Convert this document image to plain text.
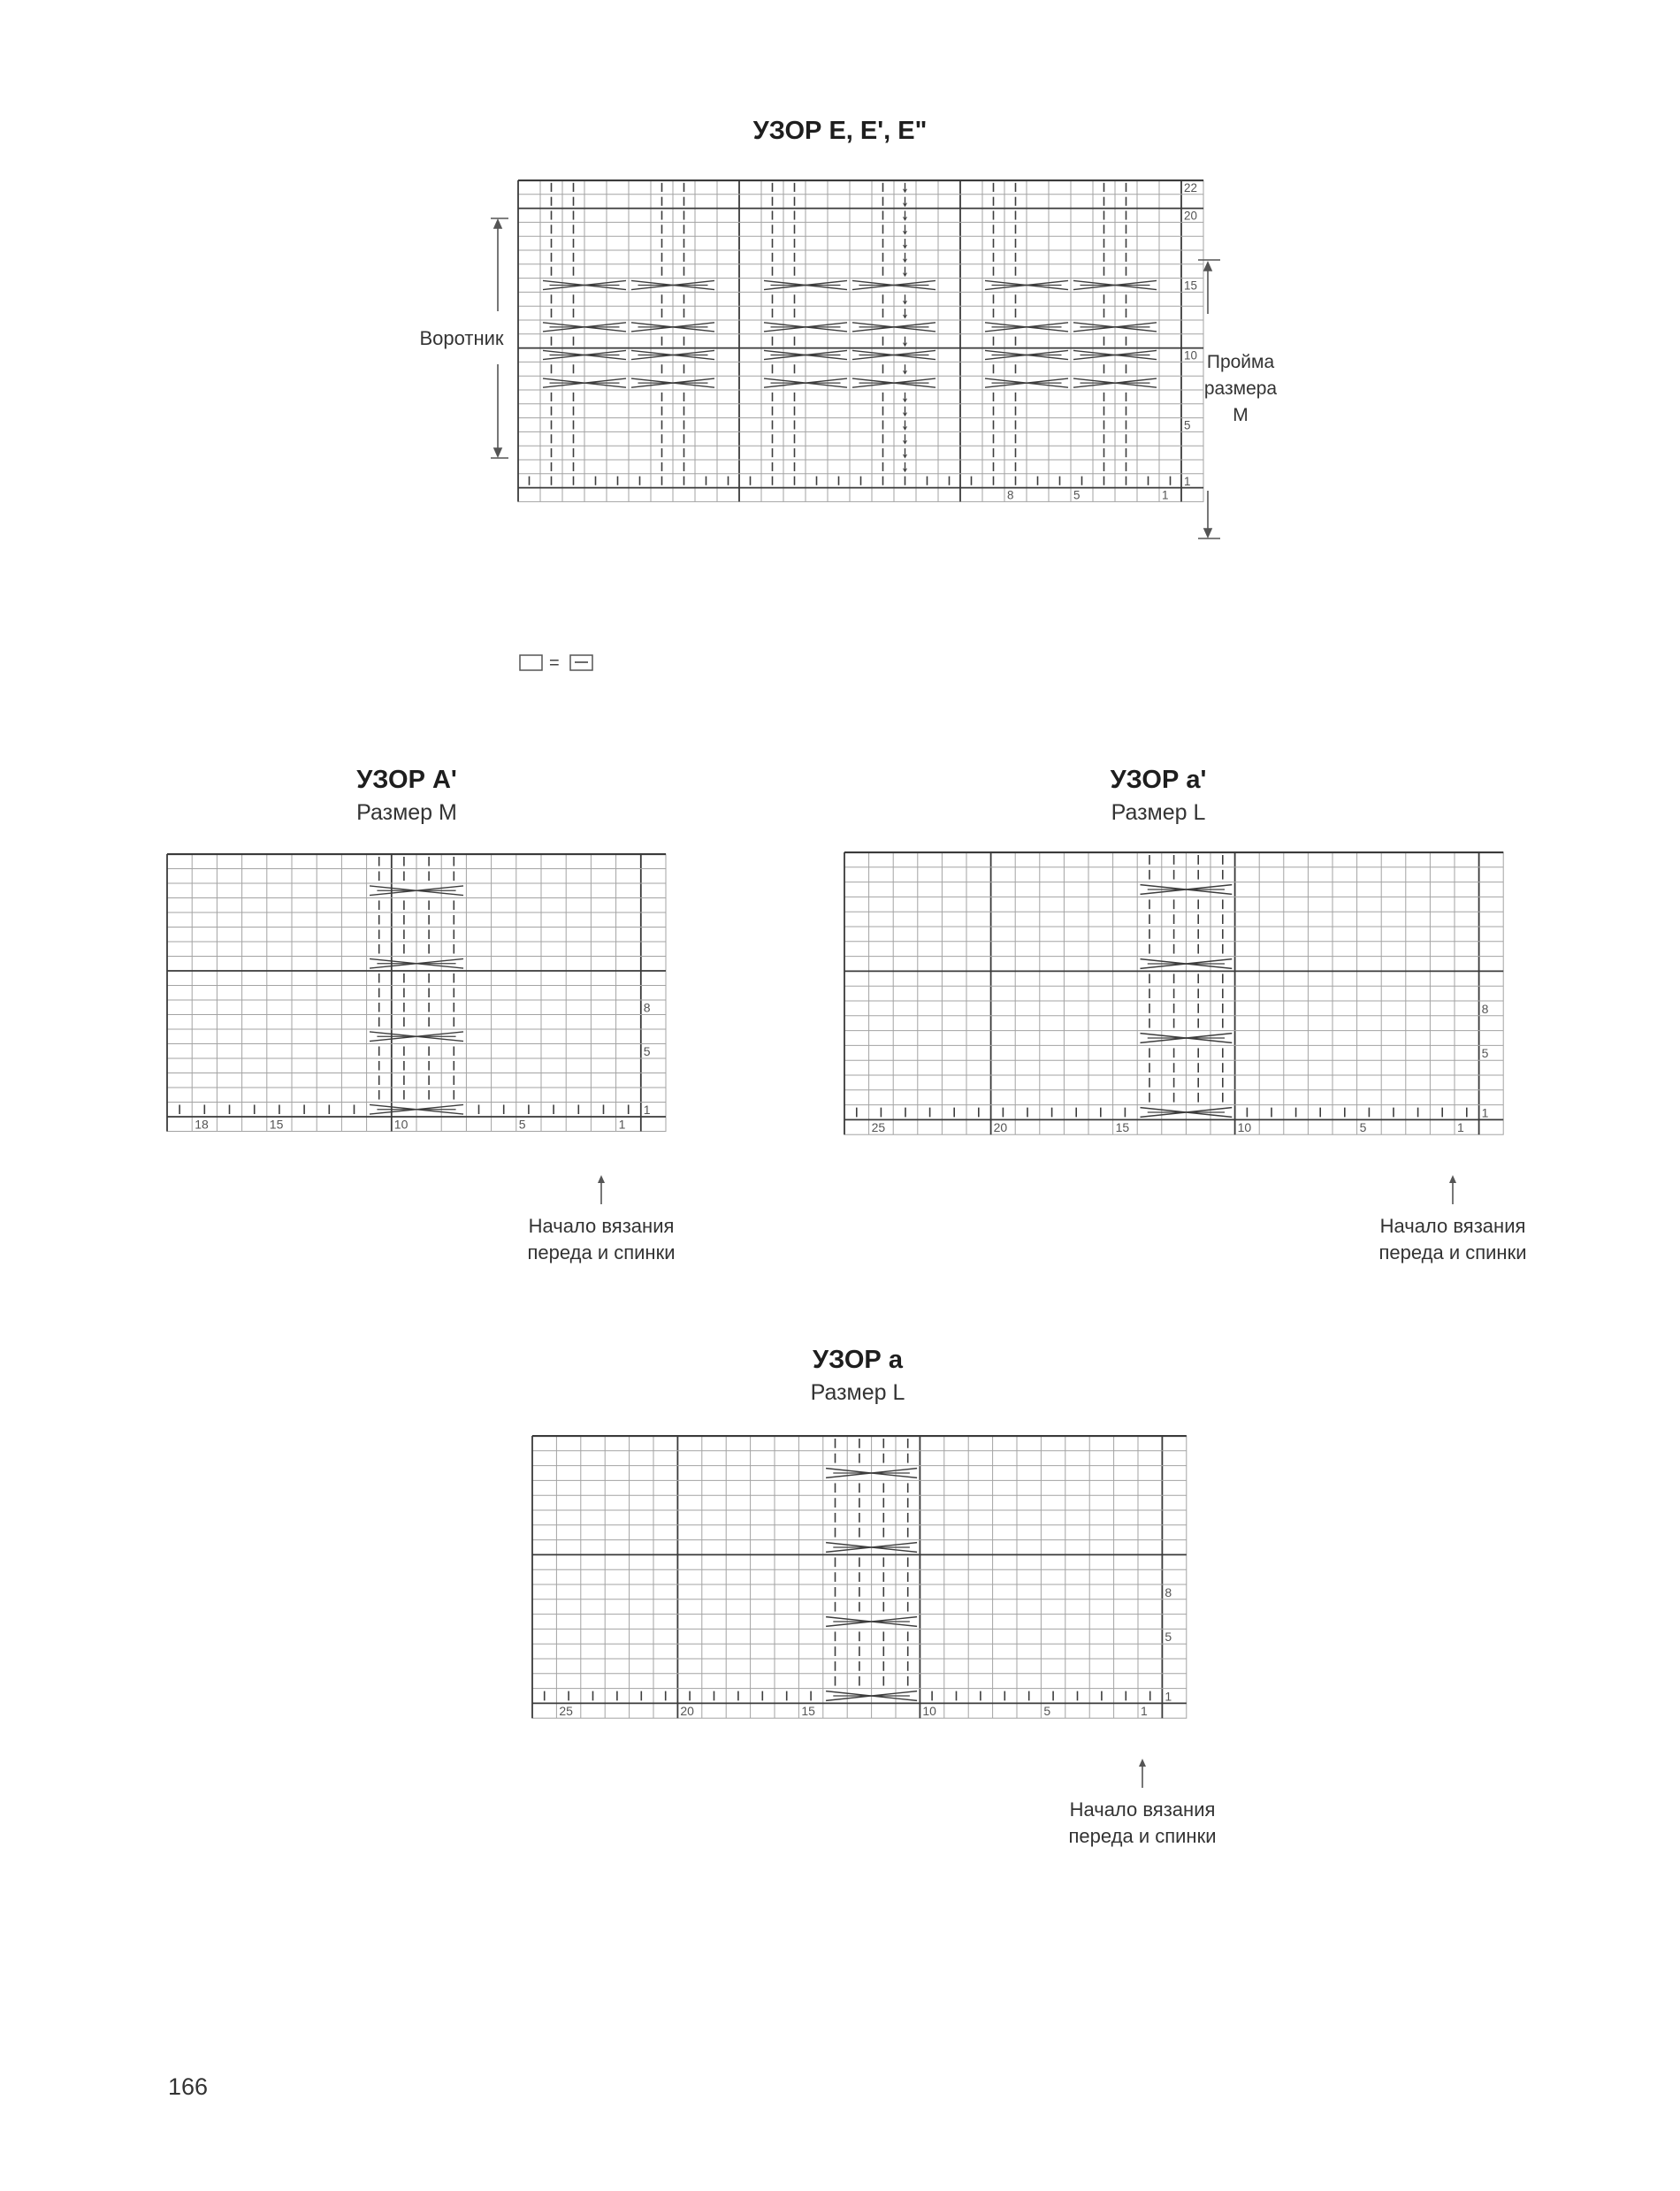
УЗОР E, E', E"
22
20
15
10
5
1
8	5	1
Воротник
Пройма
размера
M
=
УЗОР A'
Размер M
8
5
1
18	15	10	5	1
Начало вязания
переда и спинки
УЗОР a'
Размер L
8
5
1
25	20	15	10	5	1
Начало вязания
переда и спинки
УЗОР a
Размер L
8
5
1
25	20	15	10	5	1
Начало вязания
переда и спинки
166
